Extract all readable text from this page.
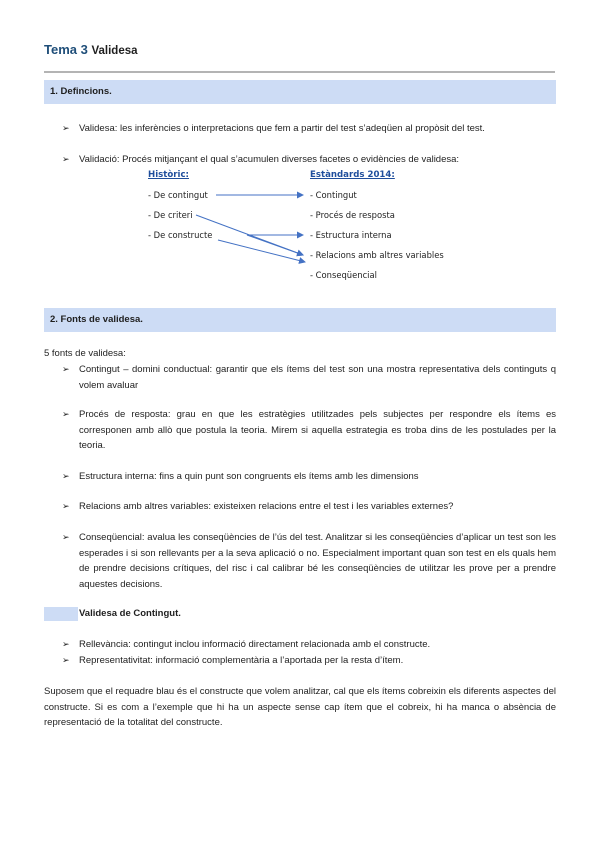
Tema 3 Validesa
1. Defincions.
➢ Validesa: les inferències o interpretacions que fem a partir del test s’adeqüen al propòsit del test.
➢ Validació: Procés mitjançant el qual s’acumulen diverses facetes o evidències de validesa:
Històric:	Estàndards 2014:
- De contingut
- De criteri
- De constructe
- Contingut
- Procés de resposta
- Estructura interna
- Relacions amb altres variables
- Conseqüencial
2. Fonts de validesa.
5 fonts de validesa:
➢ Contingut – domini conductual: garantir que els ítems del test son una mostra representativa dels continguts q volem avaluar
➢ Procés de resposta: grau en que les estratègies utilitzades pels subjectes per respondre els ítems es corresponen amb allò que postula la teoria. Mirem si aquella estrategia es troba dins de les postulades per la teoria.
➢ Estructura interna: fins a quin punt son congruents els ítems amb les dimensions
➢ Relacions amb altres variables: existeixen relacions entre el test i les variables externes?
➢ Conseqüencial: avalua les conseqüències de l’ús del test. Analitzar si les conseqüències d’aplicar un test son les esperades i si son rellevants per a la seva aplicació o no. Especialment important quan son test en els quals hem de prendre decisions crítiques, del risc i cal calibrar bé les conseqüències de utilitzar les prove per a prendre aquestes decisions.
Validesa de Contingut.
➢ Rellevància: contingut inclou informació directament relacionada amb el constructe.
➢ Representativitat: informació complementària a l’aportada per la resta d’ítem.
Suposem que el requadre blau és el constructe que volem analitzar, cal que els ítems cobreixin els diferents aspectes del constructe. Si es com a l’exemple que hi ha un aspecte sense cap ítem que el cobreix, hi ha manca o absència de representació de la totalitat del constructe.
